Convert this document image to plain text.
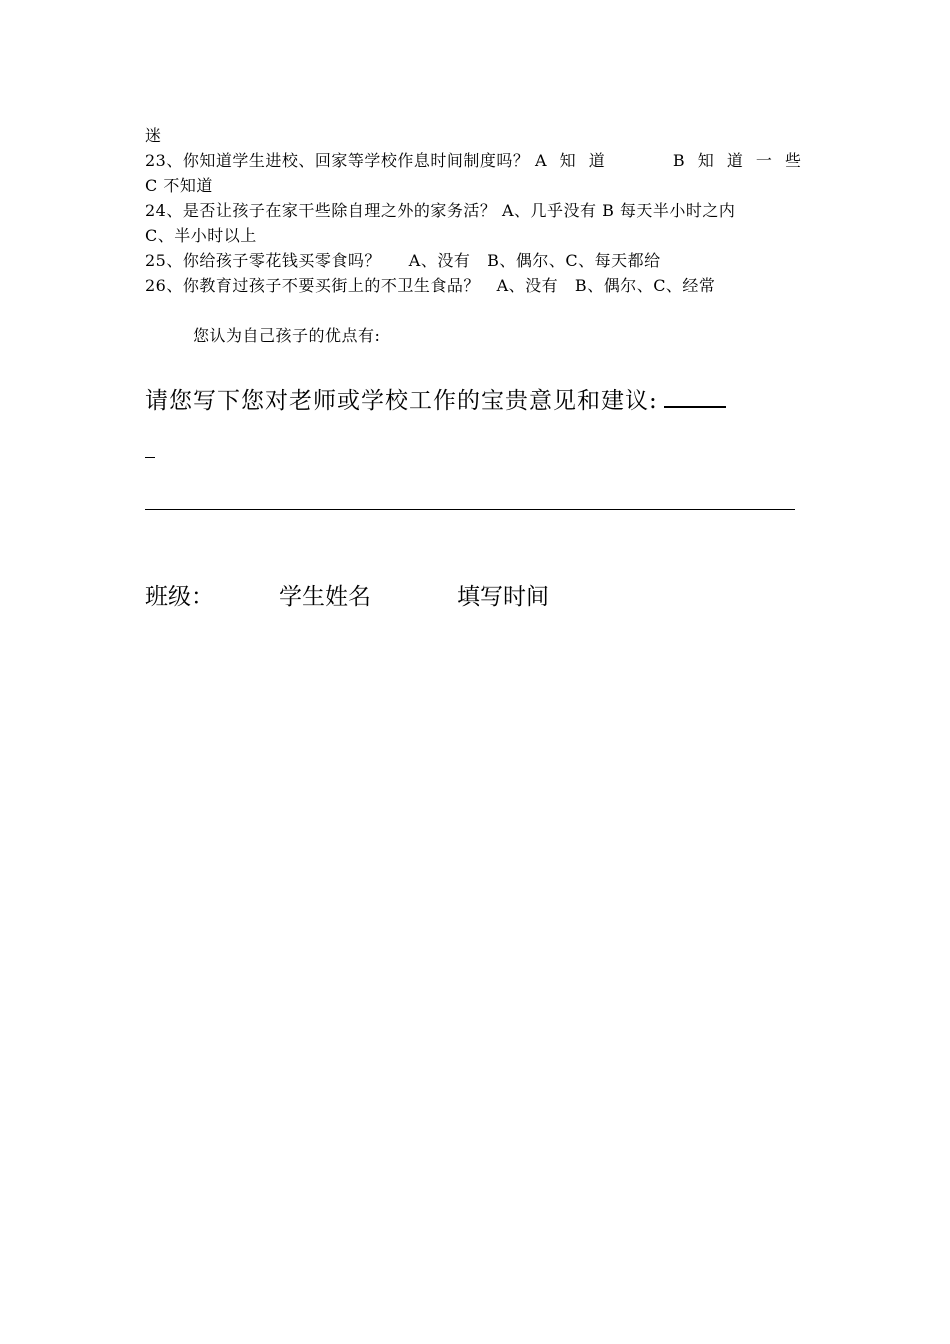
迷
23、你知道学生进校、回家等学校作息时间制度吗？ A 知 道	B 知 道 一 些
C 不知道
24、是否让孩子在家干些除自理之外的家务活？ A、几乎没有 B 每天半小时之内
C、半小时以上
25、你给孩子零花钱买零食吗？     A、没有   B、偶尔、C、每天都给
26、你教育过孩子不要买街上的不卫生食品？   A、没有   B、偶尔、C、经常
您认为自己孩子的优点有:
请您写下您对老师或学校工作的宝贵意见和建议:
班级：	学生姓名	填写时间
